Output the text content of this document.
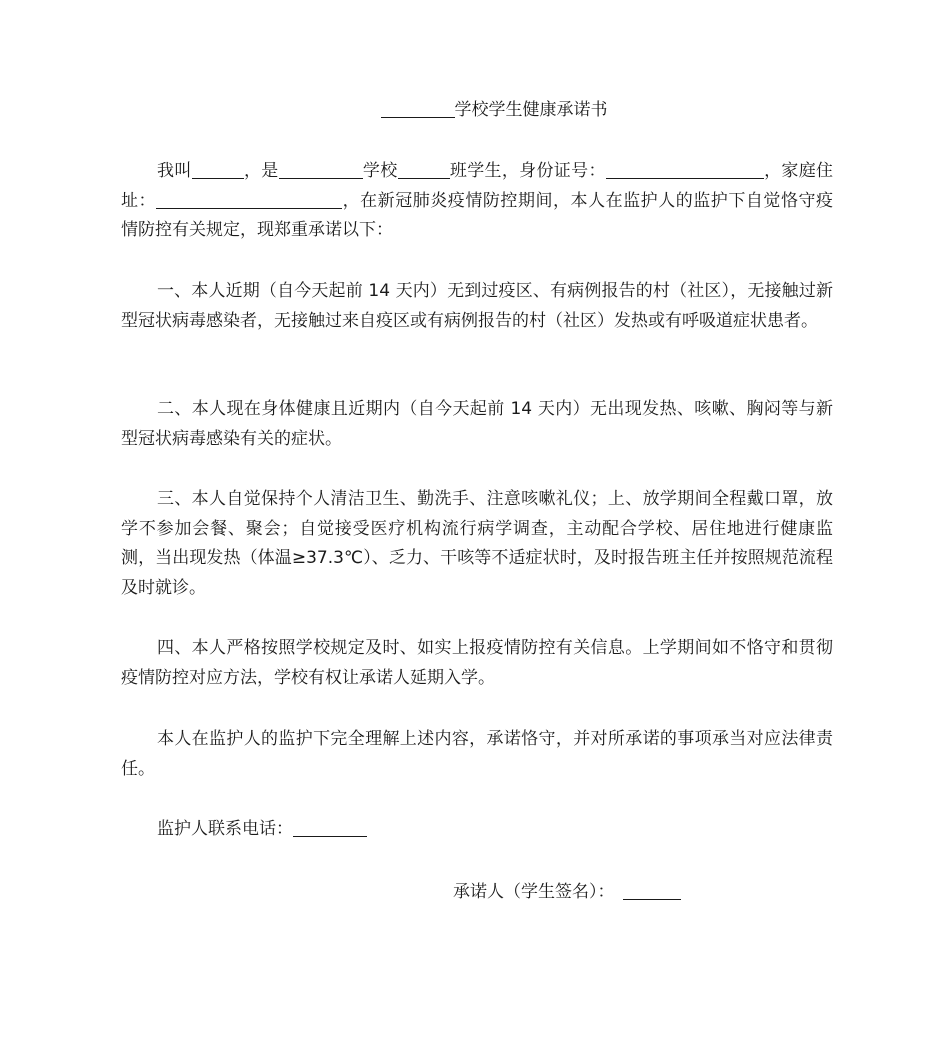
学校学生健康承诺书

我叫	，是	学校	班学生，身份证号：	，家庭住址：	，在新冠肺炎疫情防控期间，本人在监护人的监护下自觉恪守疫情防控有关规定，现郑重承诺以下：

一、本人近期（自今天起前 14 天内）无到过疫区、有病例报告的村（社区），无接触过新型冠状病毒感染者，无接触过来自疫区或有病例报告的村（社区）发热或有呼吸道症状患者。

二、本人现在身体健康且近期内（自今天起前 14 天内）无出现发热、咳嗽、胸闷等与新型冠状病毒感染有关的症状。

三、本人自觉保持个人清洁卫生、勤洗手、注意咳嗽礼仪；上、放学期间全程戴口罩，放学不参加会餐、聚会；自觉接受医疗机构流行病学调查，主动配合学校、居住地进行健康监测，当出现发热（体温≥37.3℃）、乏力、干咳等不适症状时，及时报告班主任并按照规范流程及时就诊。

四、本人严格按照学校规定及时、如实上报疫情防控有关信息。上学期间如不恪守和贯彻疫情防控对应方法，学校有权让承诺人延期入学。

本人在监护人的监护下完全理解上述内容，承诺恪守，并对所承诺的事项承当对应法律责任。

监护人联系电话：
承诺人（学生签名）：
